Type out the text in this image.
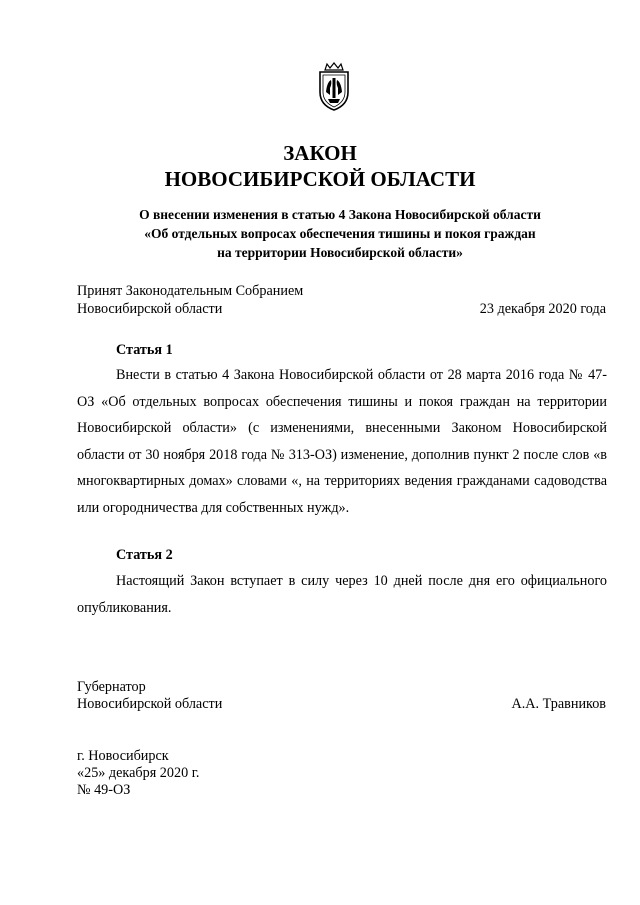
ЗАКОН
НОВОСИБИРСКОЙ ОБЛАСТИ

О внесении изменения в статью 4 Закона Новосибирской области

«Об отдельных вопросах обеспечения тишины и покоя граждан

на территории Новосибирской области»

Принят Законодательным Собранием
Новосибирской области	23 декабря 2020 года
Статья 1

Внести в статью 4 Закона Новосибирской области от 28 марта 2016 года № 47-ОЗ «Об отдельных вопросах обеспечения тишины и покоя граждан на территории Новосибирской области» (с изменениями, внесенными Законом Новосибирской области от 30 ноября 2018 года № 313-ОЗ) изменение, дополнив пункт 2 после слов «в многоквартирных домах» словами «, на территориях ведения гражданами садоводства или огородничества для собственных нужд».

Статья 2

Настоящий Закон вступает в силу через 10 дней после дня его официального опубликования.

Губернатор
Новосибирской области	А.А. Травников
г. Новосибирск
«25» декабря 2020 г.
№ 49-ОЗ
